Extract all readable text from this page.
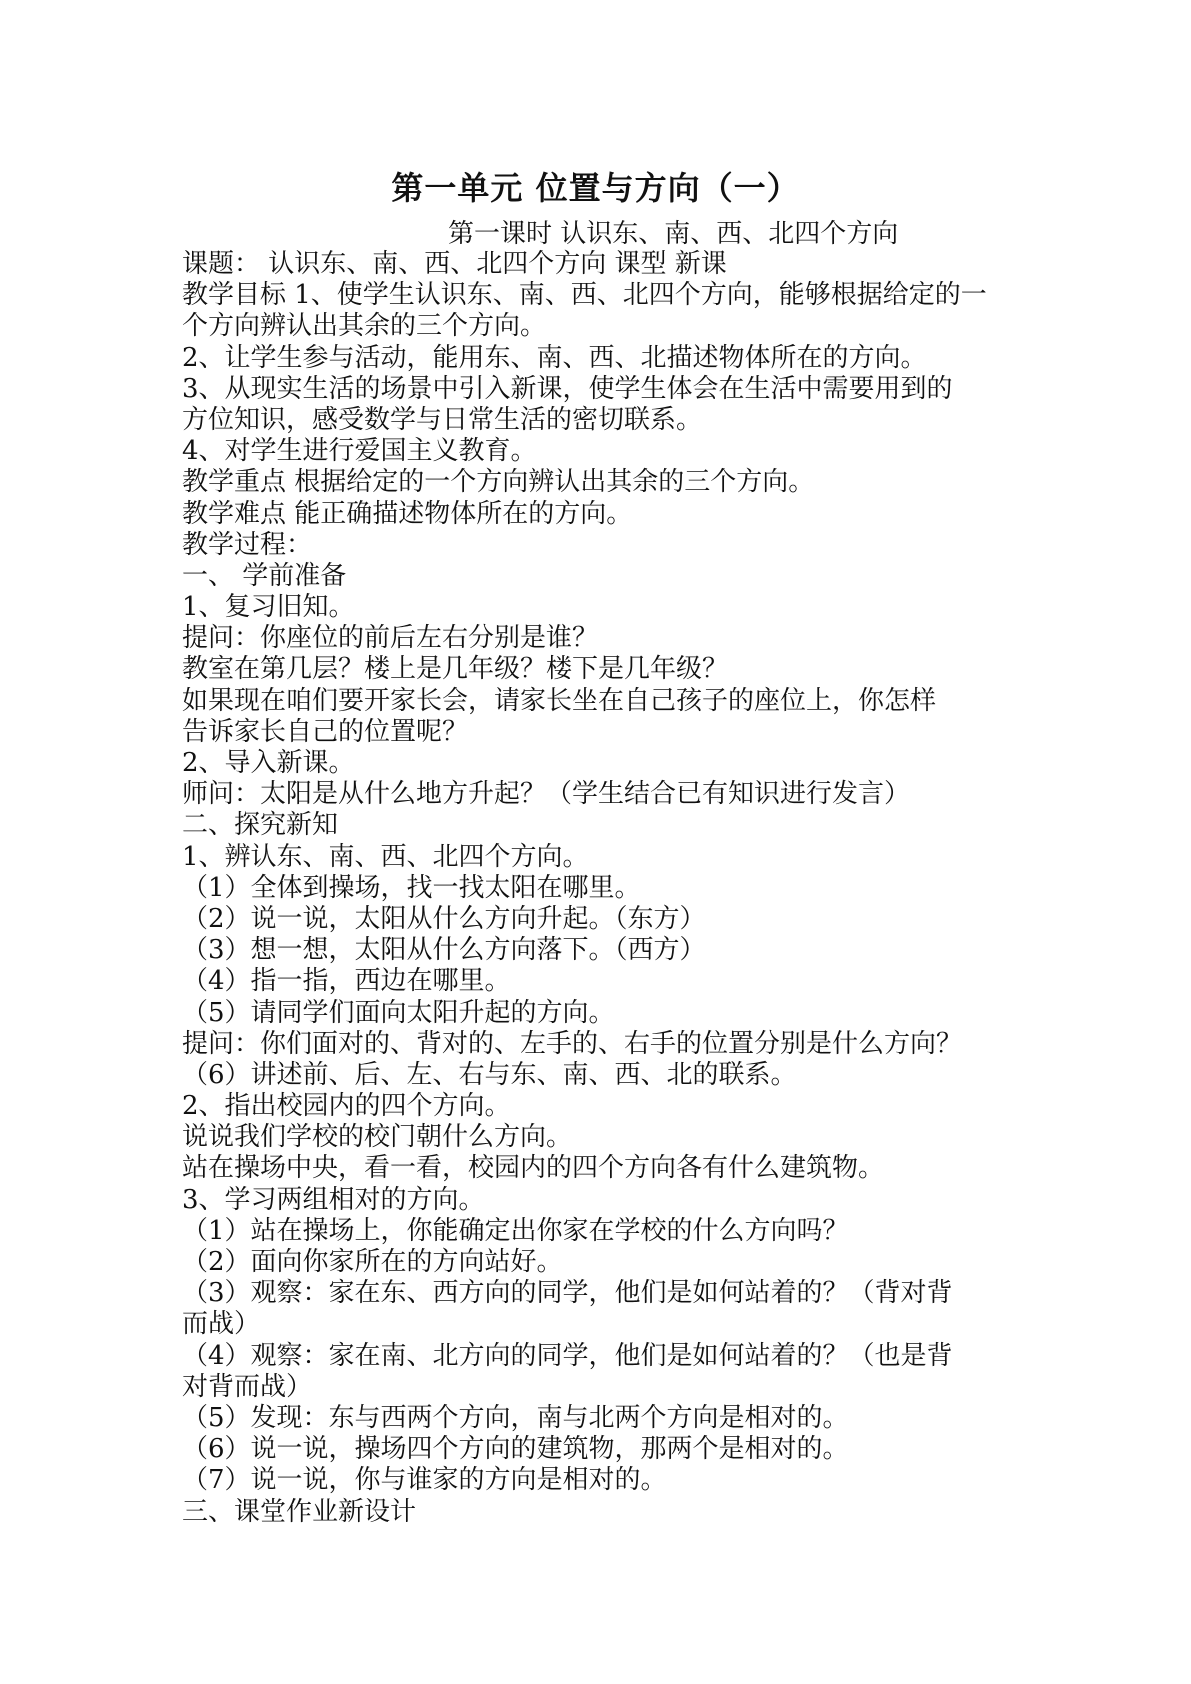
第一单元 位置与方向（一）
第一课时 认识东、南、西、北四个方向
课题： 认识东、南、西、北四个方向 课型 新课
教学目标 1、使学生认识东、南、西、北四个方向，能够根据给定的一
个方向辨认出其余的三个方向。
2、让学生参与活动，能用东、南、西、北描述物体所在的方向。
3、从现实生活的场景中引入新课，使学生体会在生活中需要用到的
方位知识，感受数学与日常生活的密切联系。
4、对学生进行爱国主义教育。
教学重点 根据给定的一个方向辨认出其余的三个方向。
教学难点 能正确描述物体所在的方向。
教学过程：
一、 学前准备
1、复习旧知。
提问：你座位的前后左右分别是谁？
教室在第几层？楼上是几年级？楼下是几年级？
如果现在咱们要开家长会，请家长坐在自己孩子的座位上，你怎样
告诉家长自己的位置呢？
2、导入新课。
师问：太阳是从什么地方升起？（学生结合已有知识进行发言）
二、探究新知
1、辨认东、南、西、北四个方向。
（1）全体到操场，找一找太阳在哪里。
（2）说一说，太阳从什么方向升起。（东方）
（3）想一想，太阳从什么方向落下。（西方）
（4）指一指，西边在哪里。
（5）请同学们面向太阳升起的方向。
提问：你们面对的、背对的、左手的、右手的位置分别是什么方向？
（6）讲述前、后、左、右与东、南、西、北的联系。
2、指出校园内的四个方向。
说说我们学校的校门朝什么方向。
站在操场中央，看一看，校园内的四个方向各有什么建筑物。
3、学习两组相对的方向。
（1）站在操场上，你能确定出你家在学校的什么方向吗？
（2）面向你家所在的方向站好。
（3）观察：家在东、西方向的同学，他们是如何站着的？（背对背
而战）
（4）观察：家在南、北方向的同学，他们是如何站着的？（也是背
对背而战）
（5）发现：东与西两个方向，南与北两个方向是相对的。
（6）说一说，操场四个方向的建筑物，那两个是相对的。
（7）说一说，你与谁家的方向是相对的。
三、课堂作业新设计
